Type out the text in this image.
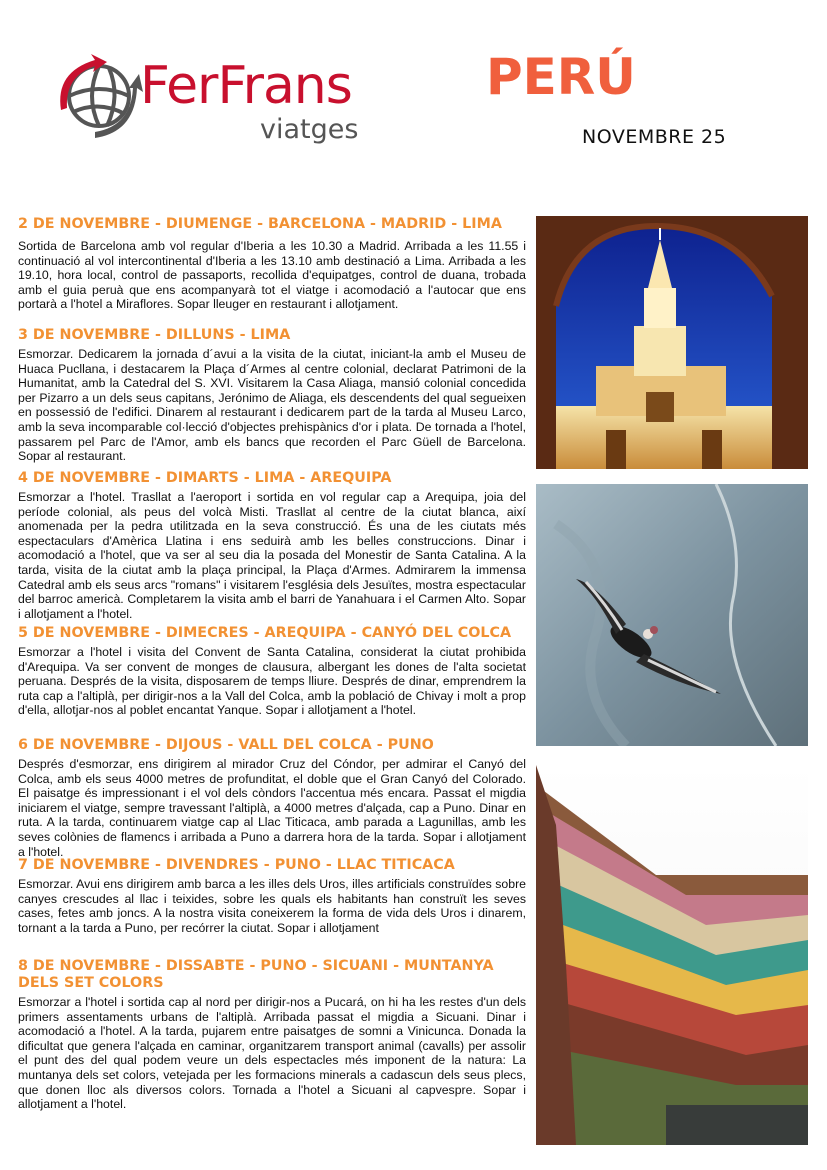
FerFrans
viatges
PERÚ
NOVEMBRE 25
2 DE NOVEMBRE - DIUMENGE - BARCELONA - MADRID - LIMA

Sortida de Barcelona amb vol regular d'Iberia a les 10.30 a Madrid. Arribada a les 11.55 i continuació al vol intercontinental d'Iberia a les 13.10 amb destinació a Lima. Arribada a les 19.10, hora local, control de passaports, recollida d'equipatges, control de duana, trobada amb el guia peruà que ens acompanyarà tot el viatge i acomodació a l'autocar que ens portarà a l'hotel a Miraflores. Sopar lleuger en restaurant i allotjament.

3 DE NOVEMBRE - DILLUNS - LIMA

Esmorzar. Dedicarem la jornada d´avui a la visita de la ciutat, iniciant-la amb el Museu de Huaca Pucllana, i destacarem la Plaça d´Armes al centre colonial, declarat Patrimoni de la Humanitat, amb la Catedral del S. XVI. Visitarem la Casa Aliaga, mansió colonial concedida per Pizarro a un dels seus capitans, Jerónimo de Aliaga, els descendents del qual segueixen en possessió de l'edifici. Dinarem al restaurant i dedicarem part de la tarda al Museu Larco, amb la seva incomparable col·lecció d'objectes prehispànics d'or i plata. De tornada a l'hotel, passarem pel Parc de l'Amor, amb els bancs que recorden el Parc Güell de Barcelona. Sopar al restaurant.

4 DE NOVEMBRE - DIMARTS - LIMA - AREQUIPA

Esmorzar a l'hotel. Trasllat a l'aeroport i sortida en vol regular cap a Arequipa, joia del període colonial, als peus del volcà Misti. Trasllat al centre de la ciutat blanca, així anomenada per la pedra utilitzada en la seva construcció. És una de les ciutats més espectaculars d'Amèrica Llatina i ens seduirà amb les belles construccions. Dinar i acomodació a l'hotel, que va ser al seu dia la posada del Monestir de Santa Catalina. A la tarda, visita de la ciutat amb la plaça principal, la Plaça d'Armes. Admirarem la immensa Catedral amb els seus arcs "romans" i visitarem l'església dels Jesuïtes, mostra espectacular del barroc americà. Completarem la visita amb el barri de Yanahuara i el Carmen Alto. Sopar i allotjament a l'hotel.

5 DE NOVEMBRE - DIMECRES - AREQUIPA - CANYÓ DEL COLCA

Esmorzar a l'hotel i visita del Convent de Santa Catalina, considerat la ciutat prohibida d'Arequipa. Va ser convent de monges de clausura, albergant les dones de l'alta societat peruana. Després de la visita, disposarem de temps lliure. Després de dinar, emprendrem la ruta cap a l'altiplà, per dirigir-nos a la Vall del Colca, amb la població de Chivay i molt a prop d'ella, allotjar-nos al poblet encantat Yanque. Sopar i allotjament a l'hotel.

6 DE NOVEMBRE - DIJOUS - VALL DEL COLCA - PUNO

Després d'esmorzar, ens dirigirem al mirador Cruz del Cóndor, per admirar el Canyó del Colca, amb els seus 4000 metres de profunditat, el doble que el Gran Canyó del Colorado. El paisatge és impressionant i el vol dels còndors l'accentua més encara. Passat el migdia iniciarem el viatge, sempre travessant l'altiplà, a 4000 metres d'alçada, cap a Puno. Dinar en ruta. A la tarda, continuarem viatge cap al Llac Titicaca, amb parada a Lagunillas, amb les seves colònies de flamencs i arribada a Puno a darrera hora de la tarda. Sopar i allotjament a l'hotel.

7 DE NOVEMBRE - DIVENDRES - PUNO - LLAC TITICACA

Esmorzar. Avui ens dirigirem amb barca a les illes dels Uros, illes artificials construïdes sobre canyes crescudes al llac i teixides, sobre les quals els habitants han construït les seves cases, fetes amb joncs. A la nostra visita coneixerem la forma de vida dels Uros i dinarem, tornant a la tarda a Puno, per recórrer la ciutat. Sopar i allotjament

8 DE NOVEMBRE - DISSABTE - PUNO - SICUANI - MUNTANYA DELS SET COLORS

Esmorzar a l'hotel i sortida cap al nord per dirigir-nos a Pucará, on hi ha les restes d'un dels primers assentaments urbans de l'altiplà. Arribada passat el migdia a Sicuani. Dinar i acomodació a l'hotel. A la tarda, pujarem entre paisatges de somni a Vinicunca. Donada la dificultat que genera l'alçada en caminar, organitzarem transport animal (cavalls) per assolir el punt des del qual podem veure un dels espectacles més imponent de la natura: La muntanya dels set colors, vetejada per les formacions minerals a cadascun dels seus plecs, que donen lloc als diversos colors. Tornada a l'hotel a Sicuani al capvespre. Sopar i allotjament a l'hotel.
